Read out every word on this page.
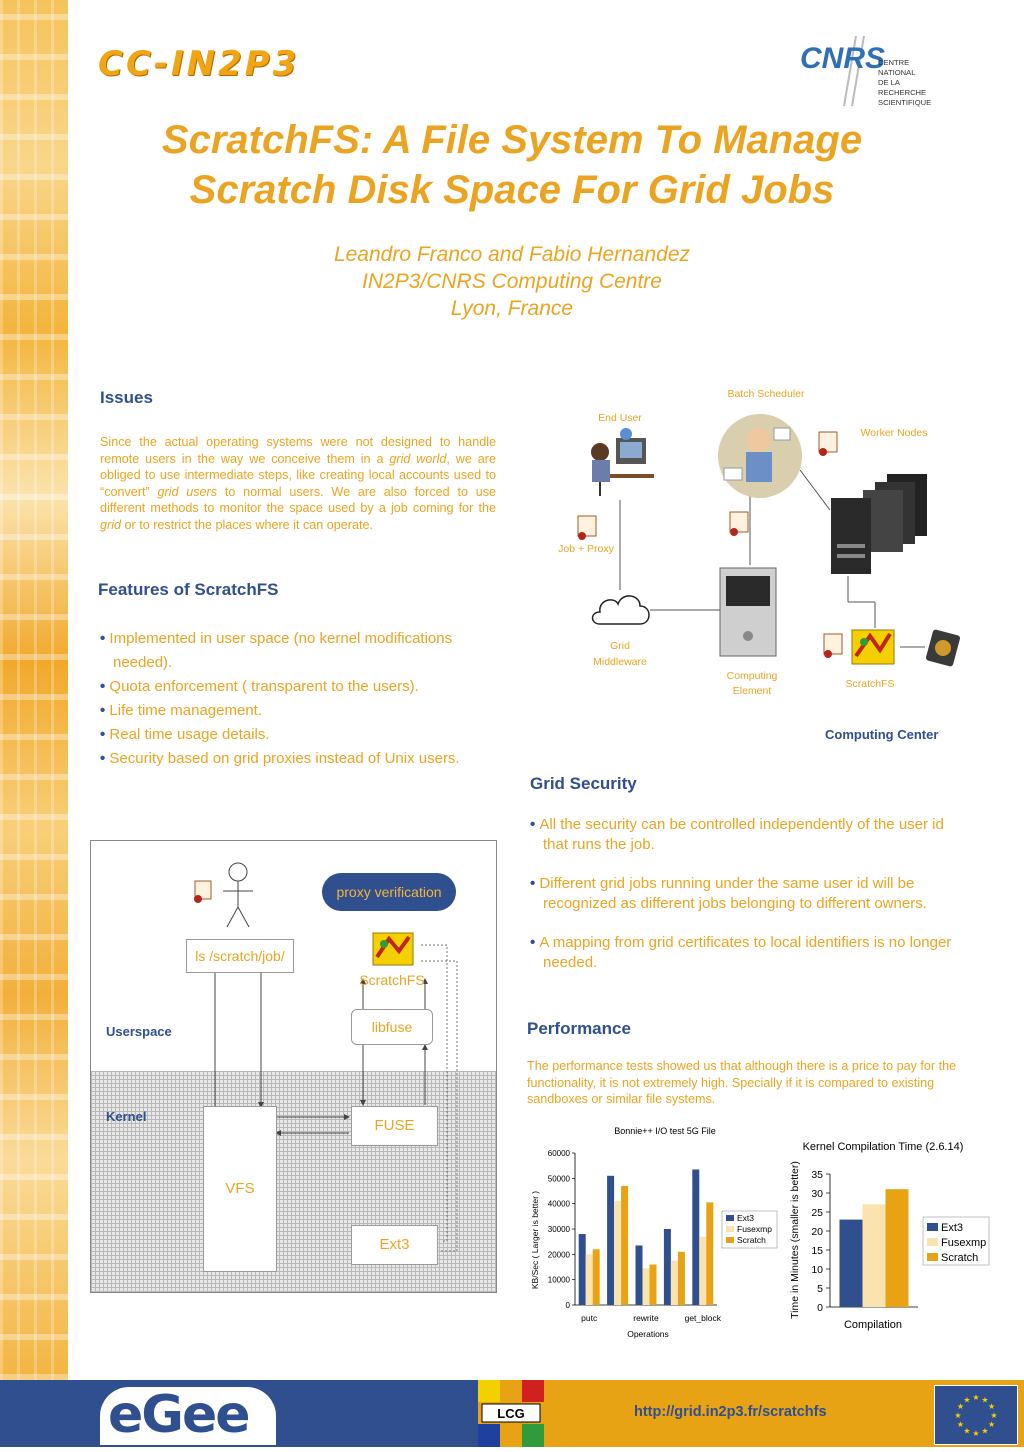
CC-IN2P3	CNRS
CENTRE NATIONAL
DE LA RECHERCHE
SCIENTIFIQUE
ScratchFS: A File System To Manage
Scratch Disk Space For Grid Jobs
Leandro Franco and Fabio Hernandez
IN2P3/CNRS Computing Centre
Lyon, France
Issues
Since the actual operating systems were not designed to handle remote users in the way we conceive them in a grid world, we are obliged to use intermediate steps, like creating local accounts used to “convert” grid users to normal users. We are also forced to use different methods to monitor the space used by a job coming for the grid or to restrict the places where it can operate.
Features of ScratchFS
• Implemented in user space (no kernel modifications needed).
• Quota enforcement ( transparent to the users).
• Life time management.
• Real time usage details.
• Security based on grid proxies instead of Unix users.
Batch Scheduler
End User
Worker Nodes
Job + Proxy
Grid
Middleware
Computing
Element
ScratchFS
Computing Center
Grid Security
• All the security can be controlled independently of the user id that runs the job.
• Different grid jobs running under the same user id will be recognized as different jobs belonging to different owners.
• A mapping from grid certificates to local identifiers is no longer needed.
proxy verification
ls /scratch/job/
ScratchFS
libfuse
Userspace
Kernel
VFS
FUSE
Ext3
Performance
The performance tests showed us that although there is a price to pay for the functionality, it is not extremely high. Specially if it is compared to existing sandboxes or similar file systems.
Bonnie++ I/O test 5G File
KB/Sec ( Larger is better )
Operations
0
10000
20000
30000
40000
50000
60000
putc	rewrite	get_block
Ext3
Fusexmp
Scratch
Kernel Compilation Time (2.6.14)
Time in Minutes (smaller is better)
Compilation
0
5
10
15
20
25
30
35
Ext3
Fusexmp
Scratch
eGee	LCG	http://grid.in2p3.fr/scratchfs	★
★
★
★
★
★
★
★
★ ★ ★
★
